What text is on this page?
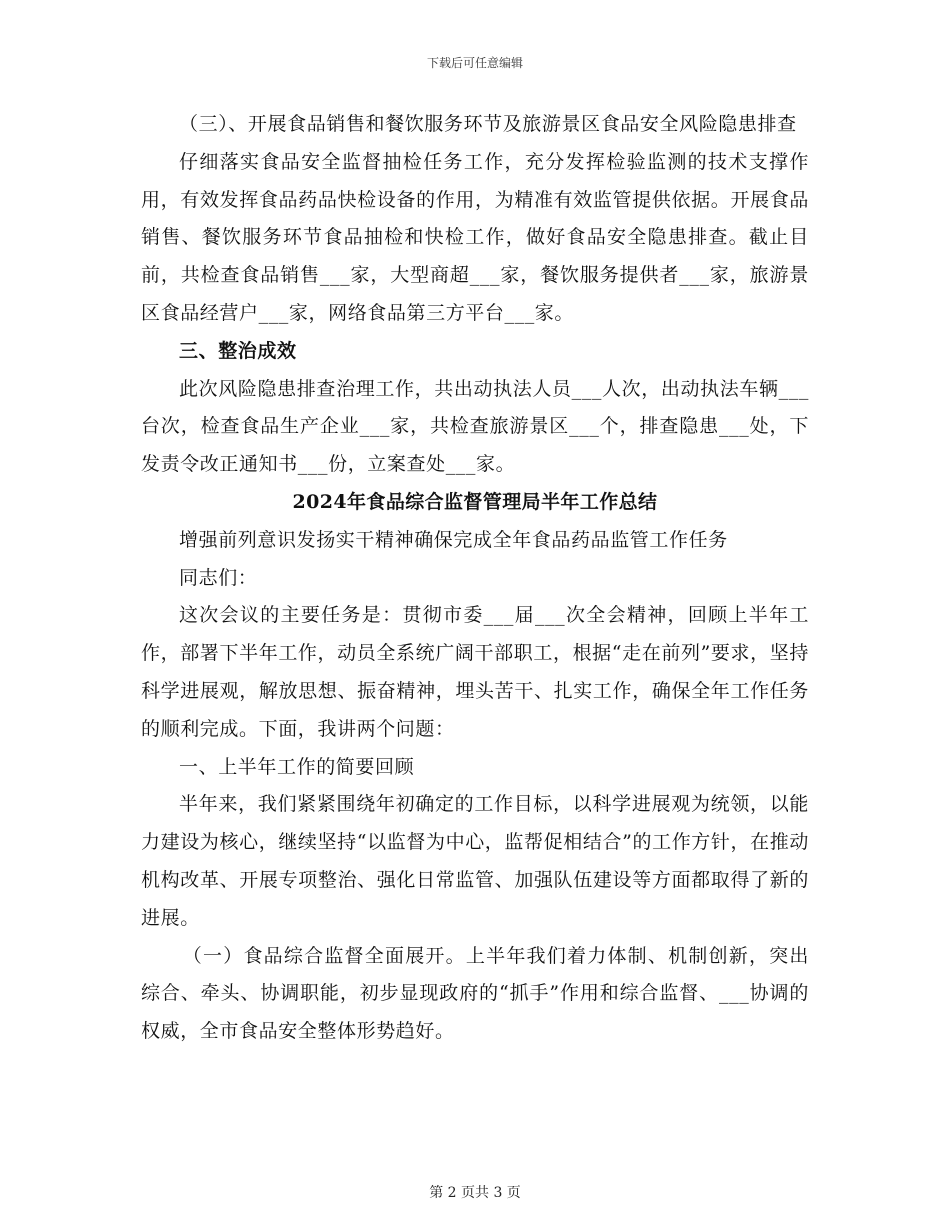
下载后可任意编辑

（三）、开展食品销售和餐饮服务环节及旅游景区食品安全风险隐患排查

仔细落实食品安全监督抽检任务工作，充分发挥检验监测的技术支撑作用，有效发挥食品药品快检设备的作用，为精准有效监管提供依据。开展食品销售、餐饮服务环节食品抽检和快检工作，做好食品安全隐患排查。截止目前，共检查食品销售___家，大型商超___家，餐饮服务提供者___家，旅游景区食品经营户___家，网络食品第三方平台___家。

三、整治成效

此次风险隐患排查治理工作，共出动执法人员___人次，出动执法车辆___台次，检查食品生产企业___家，共检查旅游景区___个，排查隐患___处，下发责令改正通知书___份，立案查处___家。

2024年食品综合监督管理局半年工作总结

增强前列意识发扬实干精神确保完成全年食品药品监管工作任务

同志们：

这次会议的主要任务是：贯彻市委___届___次全会精神，回顾上半年工作，部署下半年工作，动员全系统广阔干部职工，根据“走在前列”要求，坚持科学进展观，解放思想、振奋精神，埋头苦干、扎实工作，确保全年工作任务的顺利完成。下面，我讲两个问题：

一、上半年工作的简要回顾

半年来，我们紧紧围绕年初确定的工作目标，以科学进展观为统领，以能力建设为核心，继续坚持“以监督为中心，监帮促相结合”的工作方针，在推动机构改革、开展专项整治、强化日常监管、加强队伍建设等方面都取得了新的进展。

（一）食品综合监督全面展开。上半年我们着力体制、机制创新，突出综合、牵头、协调职能，初步显现政府的“抓手”作用和综合监督、___协调的权威，全市食品安全整体形势趋好。

第 2 页共 3 页
